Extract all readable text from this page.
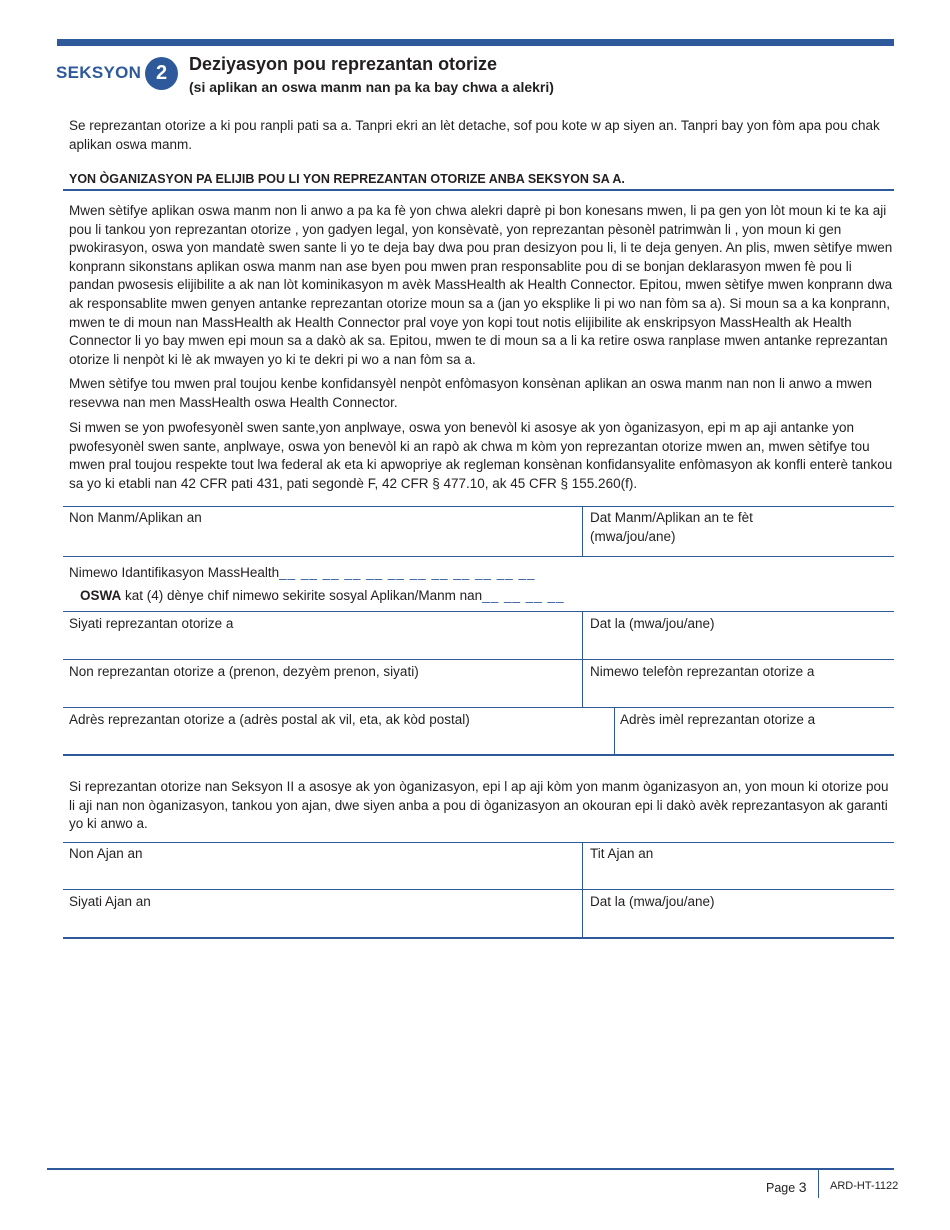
SEKSYON 2	Deziyasyon pou reprezantan otorize
(si aplikan an oswa manm nan pa ka bay chwa a alekri)

Se reprezantan otorize a ki pou ranpli pati sa a. Tanpri ekri an lèt detache, sof pou kote w ap siyen an. Tanpri bay yon fòm apa pou chak aplikan oswa manm.

YON ÒGANIZASYON PA ELIJIB POU LI YON REPREZANTAN OTORIZE ANBA SEKSYON SA A.

Mwen sètifye aplikan oswa manm non li anwo a pa ka fè yon chwa alekri daprè pi bon konesans mwen, li pa gen yon lòt moun ki te ka aji pou li tankou yon reprezantan otorize , yon gadyen legal, yon konsèvatè, yon reprezantan pèsonèl patrimwàn li , yon moun ki gen pwokirasyon, oswa yon mandatè swen sante li yo te deja bay dwa pou pran desizyon pou li, li te deja genyen. An plis, mwen sètifye mwen konprann sikonstans aplikan oswa manm nan ase byen pou mwen pran responsablite pou di se bonjan deklarasyon mwen fè pou li pandan pwosesis elijibilite a ak nan lòt kominikasyon m avèk MassHealth ak Health Connector. Epitou, mwen sètifye mwen konprann dwa ak responsablite mwen genyen antanke reprezantan otorize moun sa a (jan yo eksplike li pi wo nan fòm sa a). Si moun sa a ka konprann, mwen te di moun nan MassHealth ak Health Connector pral voye yon kopi tout notis elijibilite ak enskripsyon MassHealth ak Health Connector li yo bay mwen epi moun sa a dakò ak sa. Epitou, mwen te di moun sa a li ka retire oswa ranplase mwen antanke reprezantan otorize li nenpòt ki lè ak mwayen yo ki te dekri pi wo a nan fòm sa a.

Mwen sètifye tou mwen pral toujou kenbe konfidansyèl nenpòt enfòmasyon konsènan aplikan an oswa manm nan non li anwo a mwen resevwa nan men MassHealth oswa Health Connector.

Si mwen se yon pwofesyonèl swen sante,yon anplwaye, oswa yon benevòl ki asosye ak yon òganizasyon, epi m ap aji antanke yon pwofesyonèl swen sante, anplwaye, oswa yon benevòl ki an rapò ak chwa m kòm yon reprezantan otorize mwen an, mwen sètifye tou mwen pral toujou respekte tout lwa federal ak eta ki apwopriye ak regleman konsènan konfidansyalite enfòmasyon ak konfli enterè tankou sa yo ki etabli nan 42 CFR pati 431, pati segondè F, 42 CFR § 477.10, ak 45 CFR § 155.260(f).

Non Manm/Aplikan an	Dat Manm/Aplikan an te fèt
(mwa/jou/ane)
Nimewo Idantifikasyon MassHealth__ __ __ __ __ __ __ __ __ __ __ __
OSWA kat (4) dènye chif nimewo sekirite sosyal Aplikan/Manm nan__ __ __ __
Siyati reprezantan otorize a	Dat la (mwa/jou/ane)
Non reprezantan otorize a (prenon, dezyèm prenon, siyati)	Nimewo telefòn reprezantan otorize a
Adrès reprezantan otorize a (adrès postal ak vil, eta, ak kòd postal)	Adrès imèl reprezantan otorize a

Si reprezantan otorize nan Seksyon II a asosye ak yon òganizasyon, epi l ap aji kòm yon manm òganizasyon an, yon moun ki otorize pou li aji nan non òganizasyon, tankou yon ajan, dwe siyen anba a pou di òganizasyon an okouran epi li dakò avèk reprezantasyon ak garanti yo ki anwo a.

Non Ajan an	Tit Ajan an
Siyati Ajan an	Dat la (mwa/jou/ane)
Page 3 ARD-HT-1122
